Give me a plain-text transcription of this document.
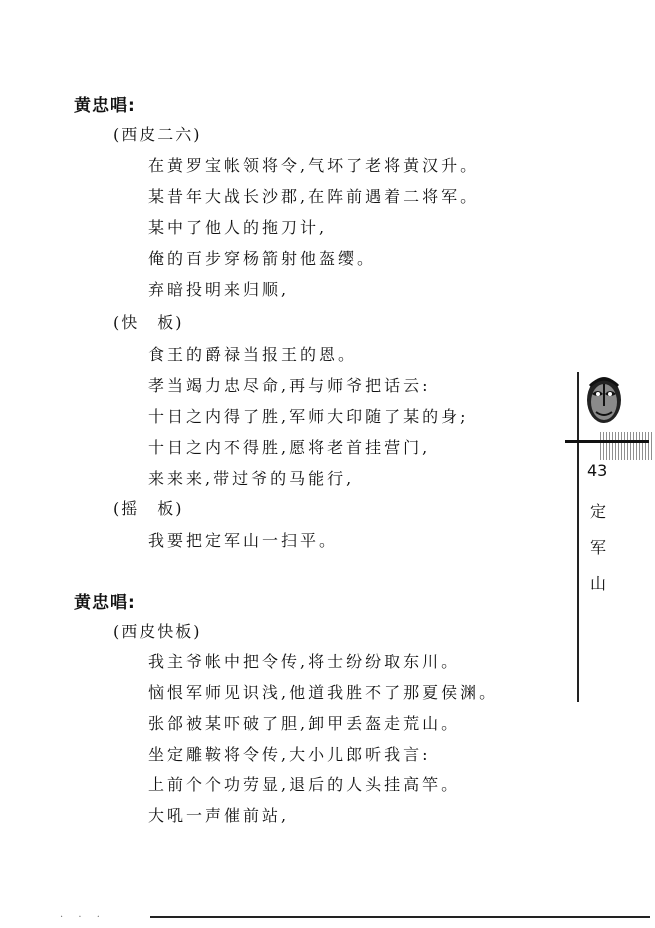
黄忠唱:
(西皮二六)
在黄罗宝帐领将令,气坏了老将黄汉升。
某昔年大战长沙郡,在阵前遇着二将军。
某中了他人的拖刀计,
俺的百步穿杨箭射他盔缨。
弃暗投明来归顺,
(快　板)
食王的爵禄当报王的恩。
孝当竭力忠尽命,再与师爷把话云:
十日之内得了胜,军师大印随了某的身;
十日之内不得胜,愿将老首挂营门,
来来来,带过爷的马能行,
(摇　板)
我要把定军山一扫平。
黄忠唱:
(西皮快板)
我主爷帐中把令传,将士纷纷取东川。
恼恨军师见识浅,他道我胜不了那夏侯渊。
张郃被某吓破了胆,卸甲丢盔走荒山。
坐定雕鞍将令传,大小儿郎听我言:
上前个个功劳显,退后的人头挂高竿。
大吼一声催前站,
43
定军山
· · ·
